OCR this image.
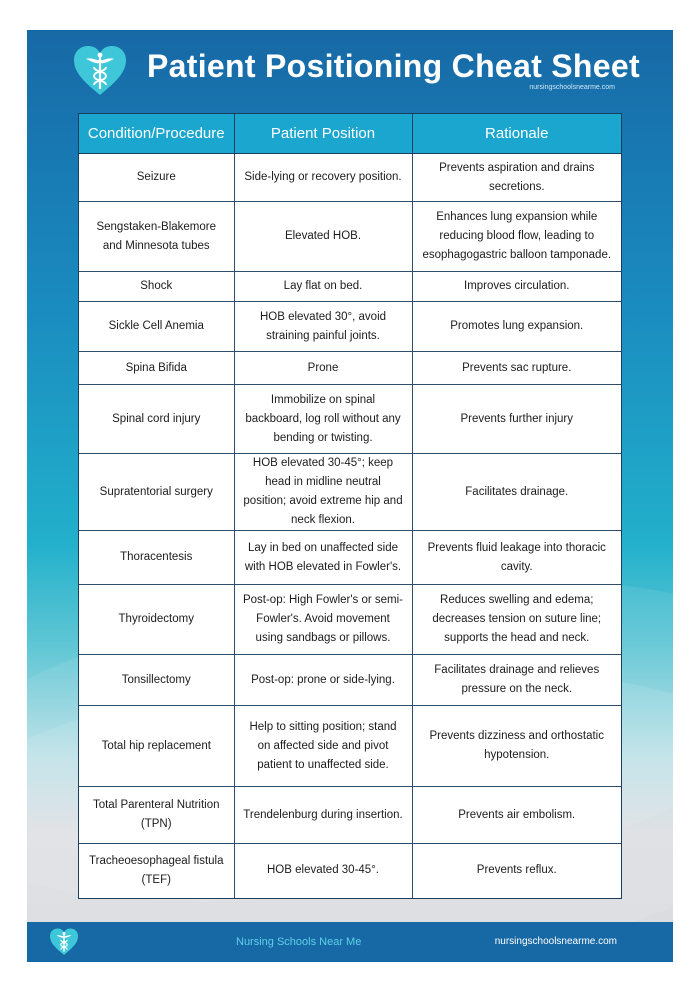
Patient Positioning Cheat Sheet
nursingschoolsnearme.com
Condition/Procedure	Patient Position	Rationale
Seizure	Side-lying or recovery position.	Prevents aspiration and drains secretions.
Sengstaken-Blakemore and Minnesota tubes	Elevated HOB.	Enhances lung expansion while reducing blood flow, leading to esophagogastric balloon tamponade.
Shock	Lay flat on bed.	Improves circulation.
Sickle Cell Anemia	HOB elevated 30°, avoid straining painful joints.	Promotes lung expansion.
Spina Bifida	Prone	Prevents sac rupture.
Spinal cord injury	Immobilize on spinal backboard, log roll without any bending or twisting.	Prevents further injury
Supratentorial surgery	HOB elevated 30-45°; keep head in midline neutral position; avoid extreme hip and neck flexion.	Facilitates drainage.
Thoracentesis	Lay in bed on unaffected side with HOB elevated in Fowler's.	Prevents fluid leakage into thoracic cavity.
Thyroidectomy	Post-op: High Fowler's or semi-Fowler's. Avoid movement using sandbags or pillows.	Reduces swelling and edema; decreases tension on suture line; supports the head and neck.
Tonsillectomy	Post-op: prone or side-lying.	Facilitates drainage and relieves pressure on the neck.
Total hip replacement	Help to sitting position; stand on affected side and pivot patient to unaffected side.	Prevents dizziness and orthostatic hypotension.
Total Parenteral Nutrition (TPN)	Trendelenburg during insertion.	Prevents air embolism.
Tracheoesophageal fistula (TEF)	HOB elevated 30-45°.	Prevents reflux.
Nursing Schools Near Me	nursingschoolsnearme.com
